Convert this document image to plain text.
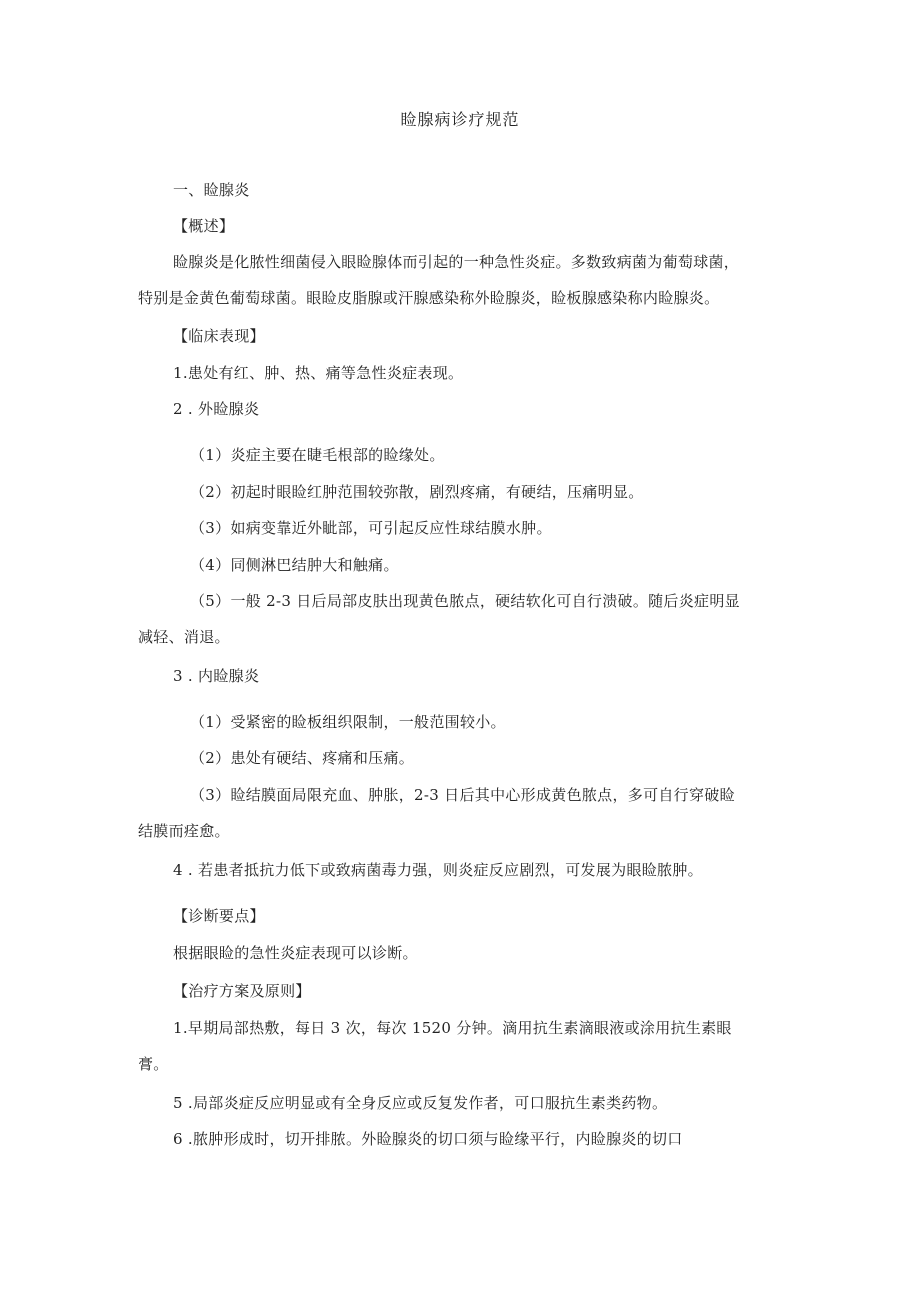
睑腺病诊疗规范
一、睑腺炎
【概述】
睑腺炎是化脓性细菌侵入眼睑腺体而引起的一种急性炎症。多数致病菌为葡萄球菌，
特别是金黄色葡萄球菌。眼睑皮脂腺或汗腺感染称外睑腺炎，睑板腺感染称内睑腺炎。
【临床表现】
1.患处有红、肿、热、痛等急性炎症表现。
2 . 外睑腺炎
（1）炎症主要在睫毛根部的睑缘处。
（2）初起时眼睑红肿范围较弥散，剧烈疼痛，有硬结，压痛明显。
（3）如病变靠近外眦部，可引起反应性球结膜水肿。
（4）同侧淋巴结肿大和触痛。
（5）一般 2-3 日后局部皮肤出现黄色脓点，硬结软化可自行溃破。随后炎症明显
减轻、消退。
3 . 内睑腺炎
（1）受紧密的睑板组织限制，一般范围较小。
（2）患处有硬结、疼痛和压痛。
（3）睑结膜面局限充血、肿胀，2-3 日后其中心形成黄色脓点，多可自行穿破睑
结膜而痊愈。
4 . 若患者抵抗力低下或致病菌毒力强，则炎症反应剧烈，可发展为眼睑脓肿。
【诊断要点】
根据眼睑的急性炎症表现可以诊断。
【治疗方案及原则】
1.早期局部热敷，每日 3 次，每次 1520 分钟。滴用抗生素滴眼液或涂用抗生素眼
膏。
5 .局部炎症反应明显或有全身反应或反复发作者，可口服抗生素类药物。
6 .脓肿形成时，切开排脓。外睑腺炎的切口须与睑缘平行，内睑腺炎的切口
